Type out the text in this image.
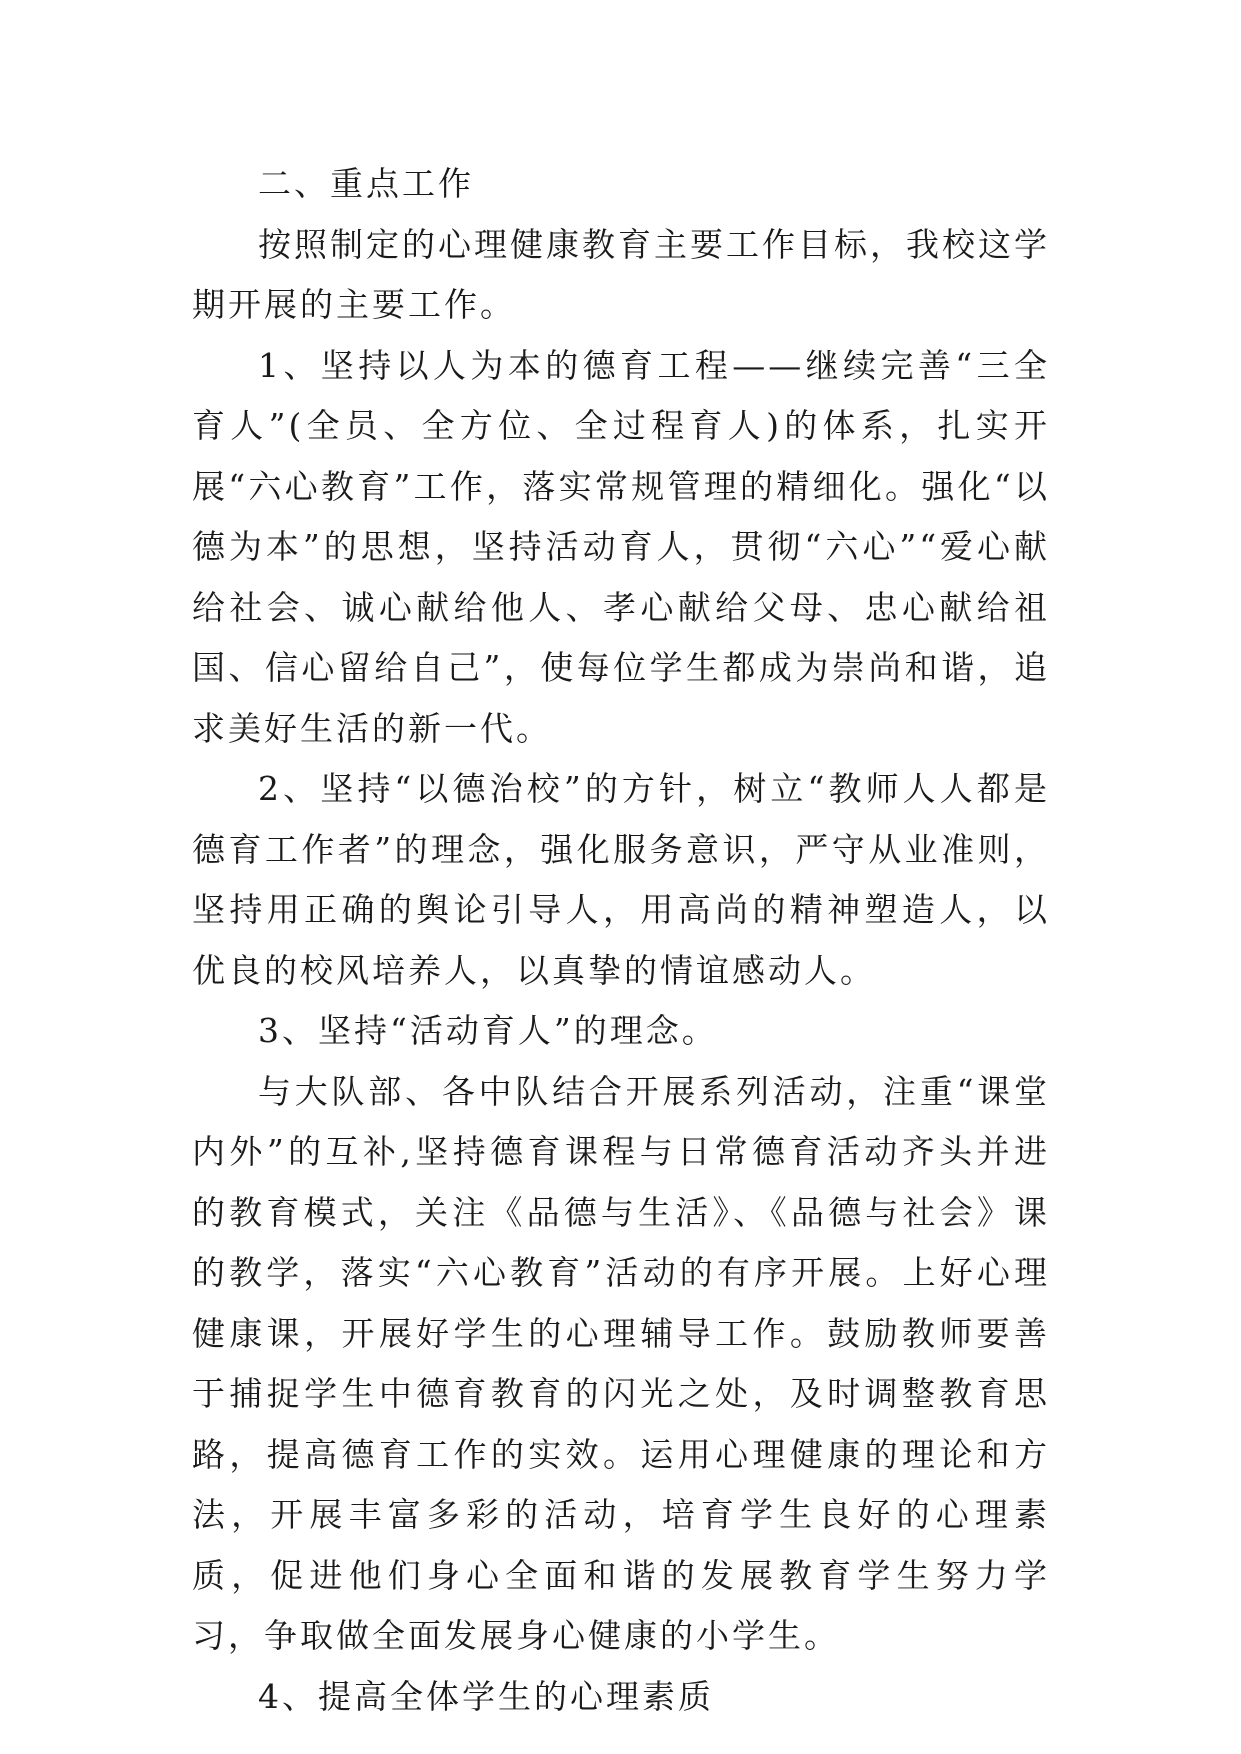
二、重点工作

按照制定的心理健康教育主要工作目标，我校这学期开展的主要工作。

1、坚持以人为本的德育工程——继续完善“三全育人”(全员、全方位、全过程育人)的体系，扎实开展“六心教育”工作，落实常规管理的精细化。强化“以德为本”的思想，坚持活动育人，贯彻“六心”“爱心献给社会、诚心献给他人、孝心献给父母、忠心献给祖国、信心留给自己”，使每位学生都成为崇尚和谐，追求美好生活的新一代。

2、坚持“以德治校”的方针，树立“教师人人都是德育工作者”的理念，强化服务意识，严守从业准则，坚持用正确的舆论引导人，用高尚的精神塑造人，以优良的校风培养人，以真挚的情谊感动人。

3、坚持“活动育人”的理念。

与大队部、各中队结合开展系列活动，注重“课堂内外”的互补,坚持德育课程与日常德育活动齐头并进的教育模式，关注《品德与生活》、《品德与社会》课的教学，落实“六心教育”活动的有序开展。上好心理健康课，开展好学生的心理辅导工作。鼓励教师要善于捕捉学生中德育教育的闪光之处，及时调整教育思路，提高德育工作的实效。运用心理健康的理论和方法，开展丰富多彩的活动，培育学生良好的心理素质，促进他们身心全面和谐的发展教育学生努力学习，争取做全面发展身心健康的小学生。

4、提高全体学生的心理素质
